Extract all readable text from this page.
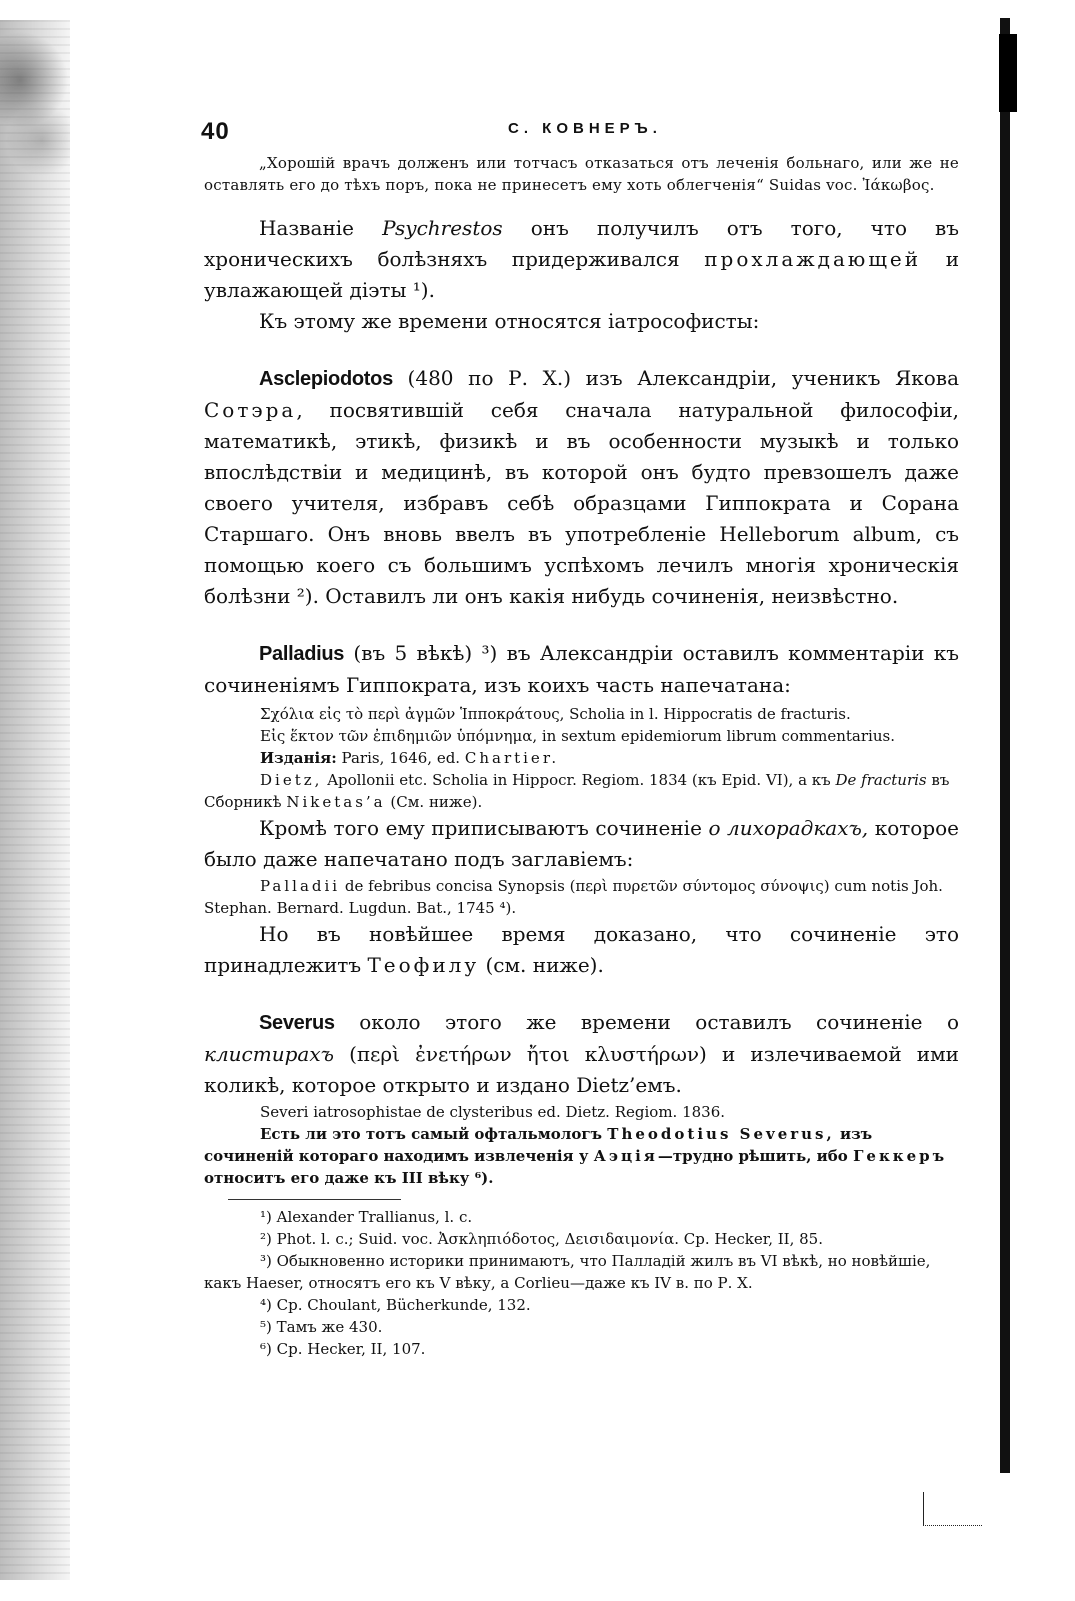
40	С. КОВНЕРЪ.

„Хорошій врачъ долженъ или тотчасъ отказаться отъ леченія больнаго, или же не оставлять его до тѣхъ поръ, пока не принесетъ ему хоть облегченія“ Suidas voc. Ἰάκωβος.

Названіе Psychrestos онъ получилъ отъ того, что въ хроническихъ болѣзняхъ придерживался прохлаждающей и увлажающей діэты ¹).

Къ этому же времени относятся іатрософисты:

Asclepiodotos (480 по Р. Х.) изъ Александріи, ученикъ Якова Сотэра, посвятившій себя сначала натуральной философіи, математикѣ, этикѣ, физикѣ и въ особенности музыкѣ и только впослѣдствіи и медицинѣ, въ которой онъ будто превзошелъ даже своего учителя, избравъ себѣ образцами Гиппократа и Сорана Старшаго. Онъ вновь ввелъ въ употребленіе Helleborum album, съ помощью коего съ большимъ успѣхомъ лечилъ многія хроническія болѣзни ²). Оставилъ ли онъ какія нибудь сочиненія, неизвѣстно.

Palladius (въ 5 вѣкѣ) ³) въ Александріи оставилъ комментаріи къ сочиненіямъ Гиппократа, изъ коихъ часть напечатана:

Σχόλια εἰς τὸ περὶ ἀγμῶν Ἱπποκράτους, Scholia in l. Hippocratis de fracturis.

Εἰς ἕκτον τῶν ἐπιδημιῶν ὑπόμνημα, in sextum epidemiorum librum commentarius.

Изданія: Paris, 1646, ed. Chartier.

Dietz, Apollonii etc. Scholia in Hippocr. Regiom. 1834 (къ Epid. VI), а къ De fracturis въ Сборникѣ Niketas’a (См. ниже).

Кромѣ того ему приписываютъ сочиненіе о лихорадкахъ, которое было даже напечатано подъ заглавіемъ:

Palladii de febribus concisa Synopsis (περὶ πυρετῶν σύντομος σύνοψις) cum notis Joh. Stephan. Bernard. Lugdun. Bat., 1745 ⁴).

Но въ новѣйшее время доказано, что сочиненіе это принадлежитъ Теофилу (см. ниже).

Severus около этого же времени оставилъ сочиненіе о клистирахъ (περὶ ἐνετήρων ἤτοι κλυστήρων) и излечиваемой ими коликѣ, которое открыто и издано Dietz’емъ.

Severi iatrosophistae de clysteribus ed. Dietz. Regiom. 1836.

Есть ли это тотъ самый офтальмологъ Theodotius Severus, изъ сочиненій котораго находимъ извлеченія у Аэція—трудно рѣшить, ибо Геккеръ относитъ его даже къ III вѣку ⁶).

¹) Alexander Trallianus, l. c.

²) Phot. l. c.; Suid. voc. Ἀσκληπιόδοτος, Δεισιδαιμονία. Cp. Hecker, II, 85.

³) Обыкновенно историки принимаютъ, что Палладій жилъ въ VI вѣкѣ, но новѣйшіе, какъ Haeser, относятъ его къ V вѣку, а Corlieu—даже къ IV в. по Р. Х.

⁴) Cp. Choulant, Bücherkunde, 132.

⁵) Тамъ же 430.

⁶) Cp. Hecker, II, 107.
